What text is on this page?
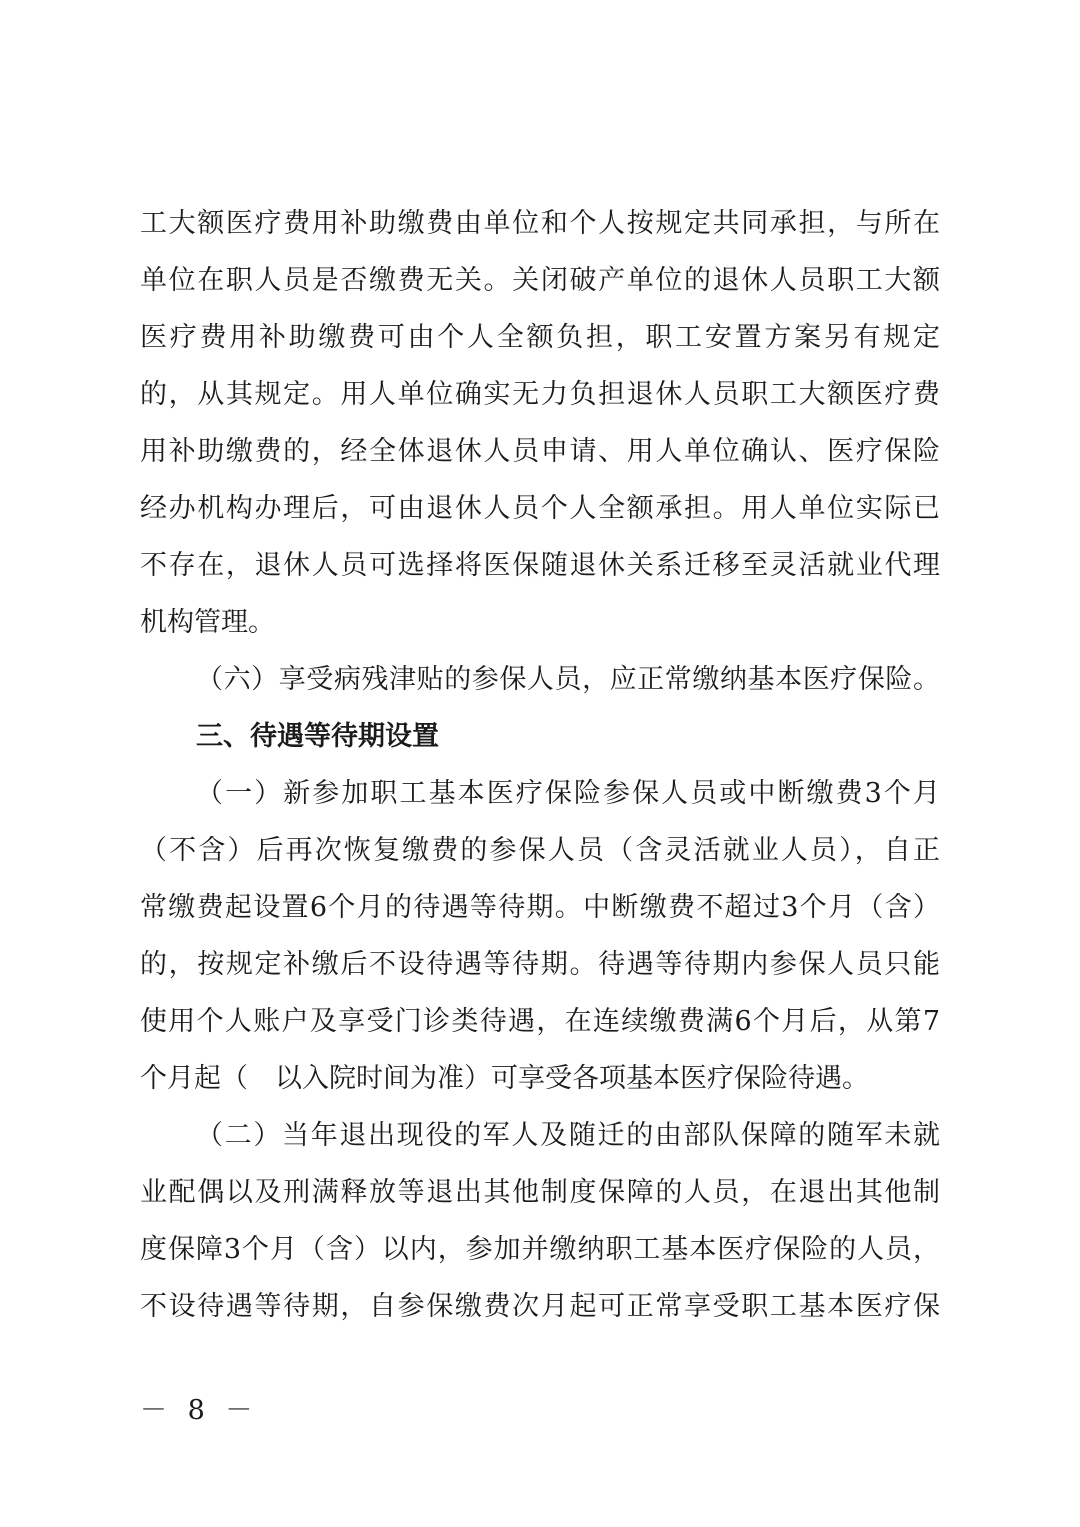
工大额医疗费用补助缴费由单位和个人按规定共同承担，与所在
单位在职人员是否缴费无关。关闭破产单位的退休人员职工大额
医疗费用补助缴费可由个人全额负担，职工安置方案另有规定
的，从其规定。用人单位确实无力负担退休人员职工大额医疗费
用补助缴费的，经全体退休人员申请、用人单位确认、医疗保险
经办机构办理后，可由退休人员个人全额承担。用人单位实际已
不存在，退休人员可选择将医保随退休关系迁移至灵活就业代理
机构管理。
（六）享受病残津贴的参保人员，应正常缴纳基本医疗保险。
三、待遇等待期设置
（一）新参加职工基本医疗保险参保人员或中断缴费3个月
（不含）后再次恢复缴费的参保人员（含灵活就业人员），自正
常缴费起设置6个月的待遇等待期。中断缴费不超过3个月（含）
的，按规定补缴后不设待遇等待期。待遇等待期内参保人员只能
使用个人账户及享受门诊类待遇，在连续缴费满6个月后，从第7
个月起（　以入院时间为准）可享受各项基本医疗保险待遇。
（二）当年退出现役的军人及随迁的由部队保障的随军未就
业配偶以及刑满释放等退出其他制度保障的人员，在退出其他制
度保障3个月（含）以内，参加并缴纳职工基本医疗保险的人员，
不设待遇等待期，自参保缴费次月起可正常享受职工基本医疗保
－ 8 －
